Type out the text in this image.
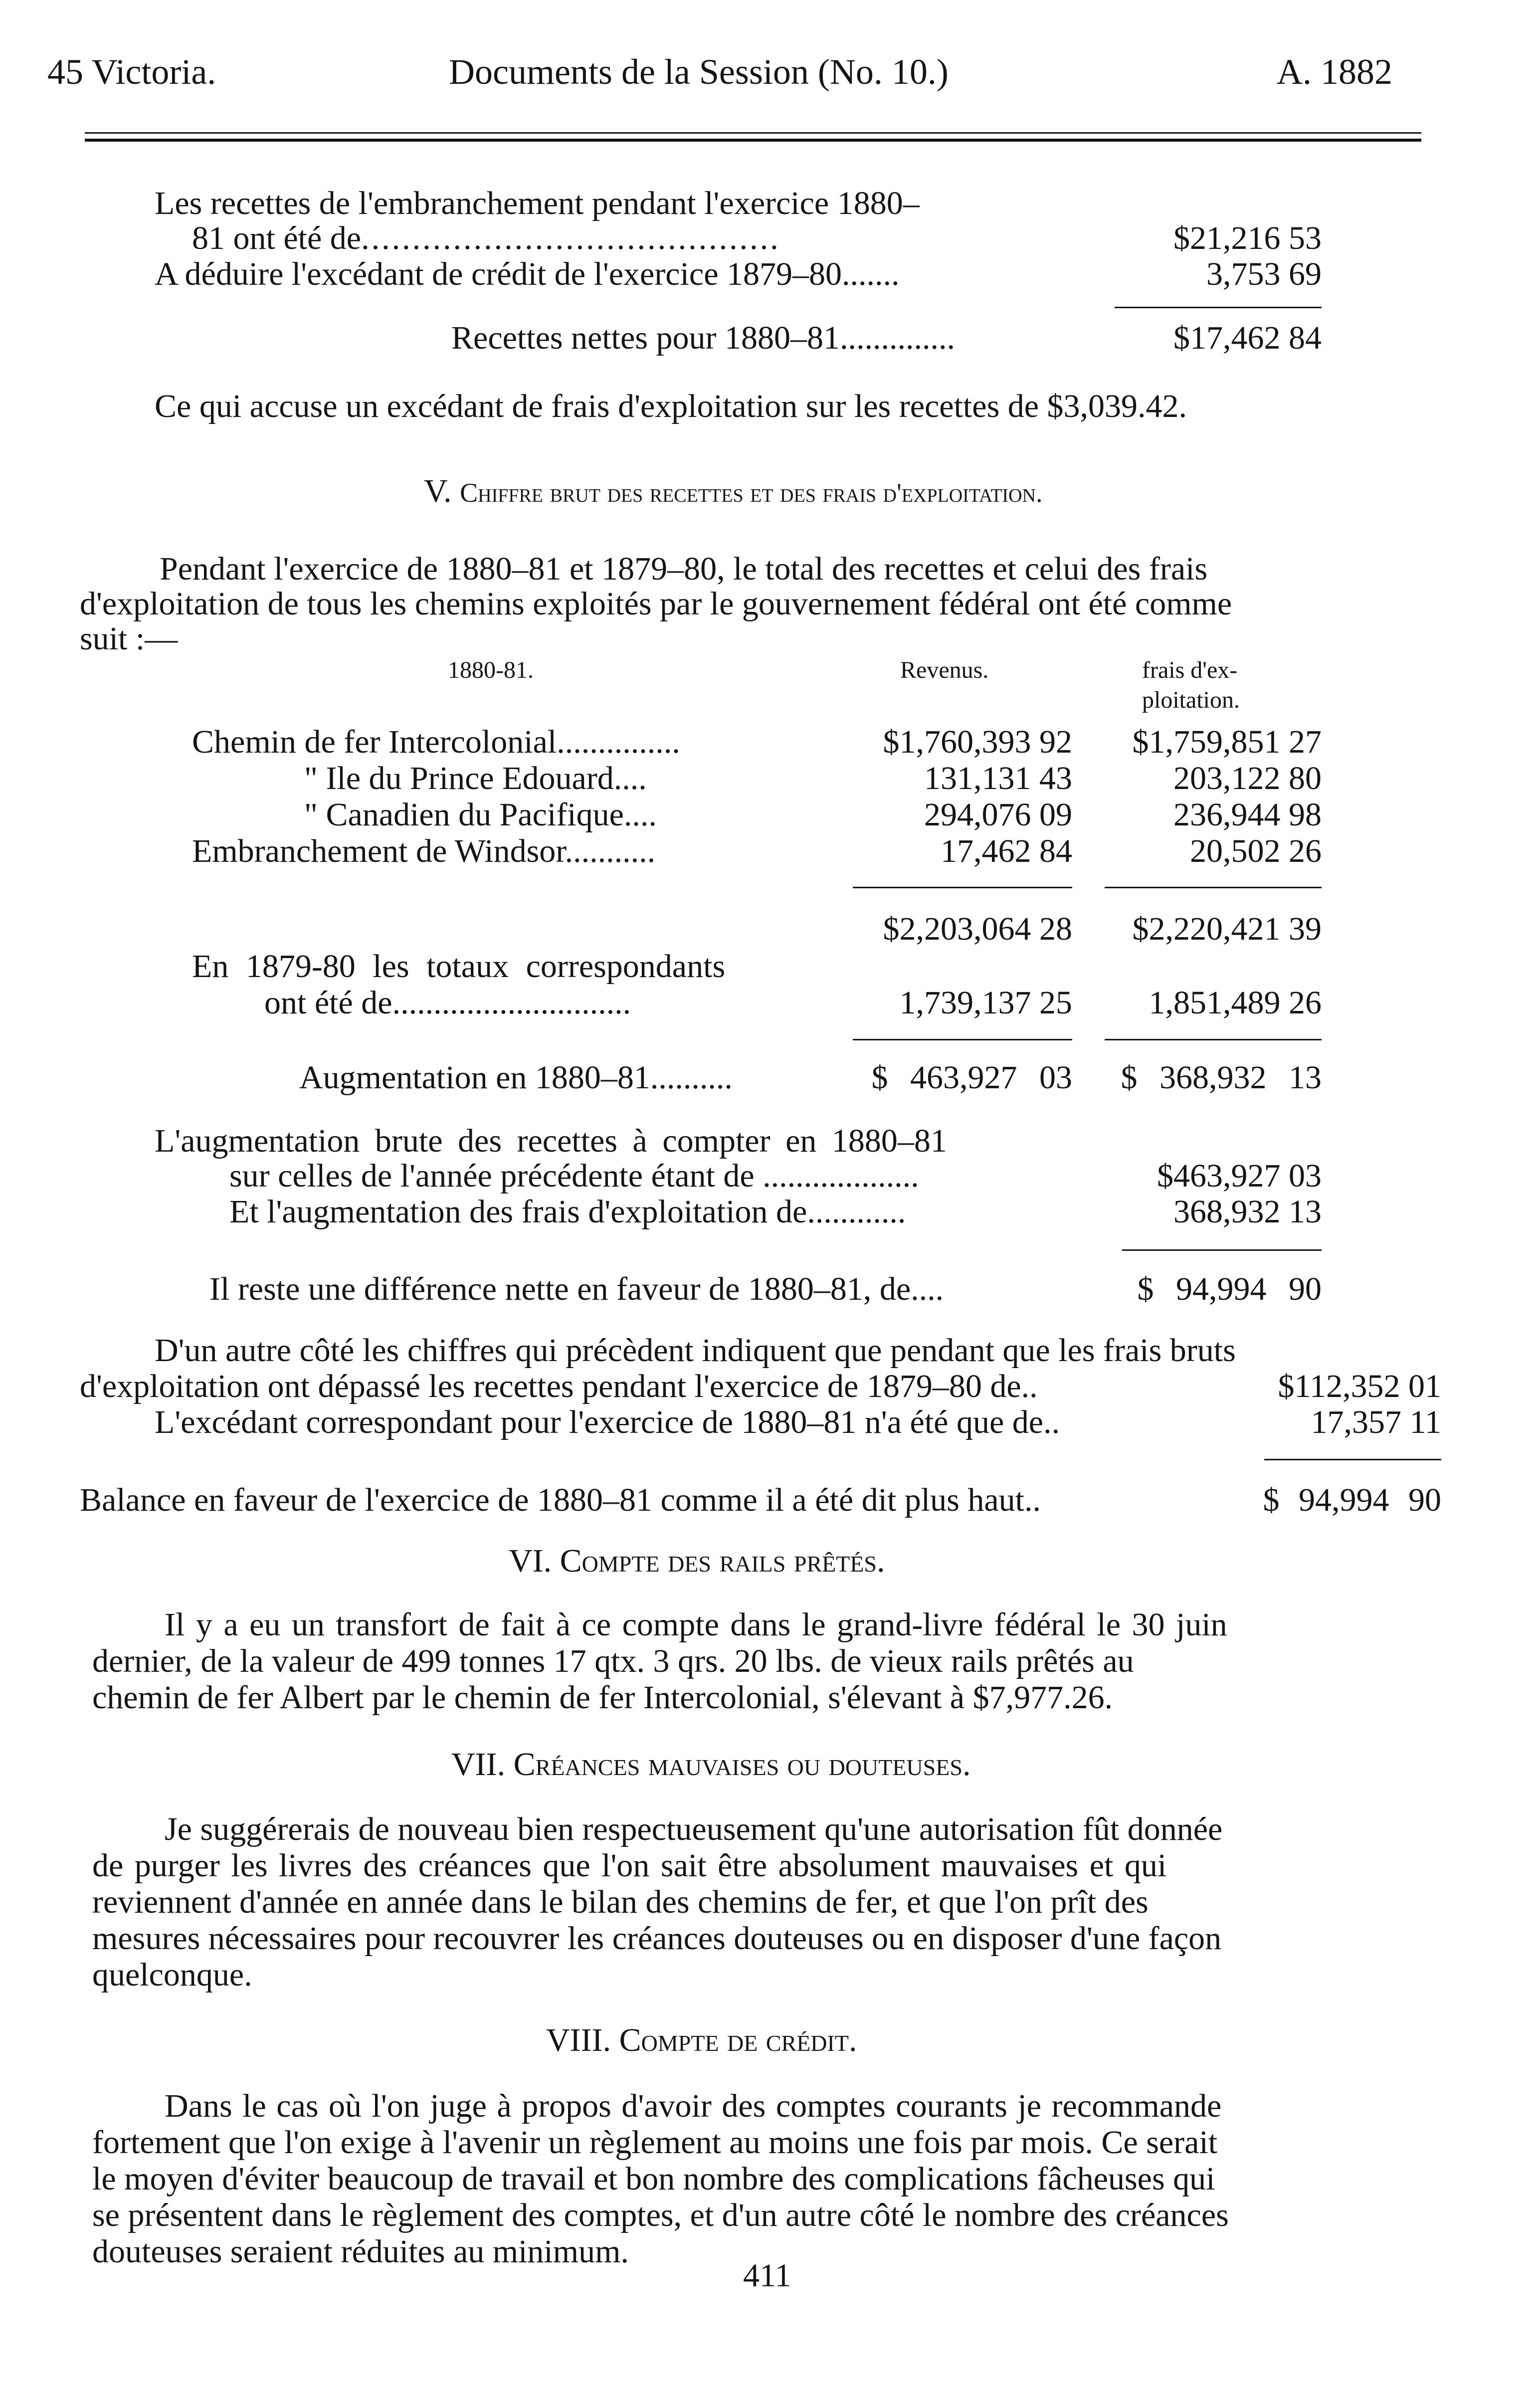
45 Victoria.	Documents de la Session (No. 10.)	A. 1882
Les recettes de l'embranchement pendant l'exercice 1880–
81 ont été de.........................................	$21,216 53
A déduire l'excédant de crédit de l'exercice 1879–80.......	3,753 69
Recettes nettes pour 1880–81..............	$17,462 84
Ce qui accuse un excédant de frais d'exploitation sur les recettes de $3,039.42.
V. Chiffre brut des recettes et des frais d'exploitation.
Pendant l'exercice de 1880–81 et 1879–80, le total des recettes et celui des frais
d'exploitation de tous les chemins exploités par le gouvernement fédéral ont été comme
suit :—
1880-81.	Revenus.	frais d'ex-
ploitation.
Chemin de fer Intercolonial...............	$1,760,393 92	$1,759,851 27
" Ile du Prince Edouard....	131,131 43	203,122 80
" Canadien du Pacifique....	294,076 09	236,944 98
Embranchement de Windsor...........	17,462 84	20,502 26
$2,203,064 28	$2,220,421 39
En 1879-80 les totaux correspondants
ont été de.............................	1,739,137 25	1,851,489 26
Augmentation en 1880–81..........	$ 463,927 03	$ 368,932 13
L'augmentation brute des recettes à compter en 1880–81
sur celles de l'année précédente étant de ...................	$463,927 03
Et l'augmentation des frais d'exploitation de............	368,932 13
Il reste une différence nette en faveur de 1880–81, de....	$ 94,994 90
D'un autre côté les chiffres qui précèdent indiquent que pendant que les frais bruts
d'exploitation ont dépassé les recettes pendant l'exercice de 1879–80 de..	$112,352 01
L'excédant correspondant pour l'exercice de 1880–81 n'a été que de..	17,357 11
Balance en faveur de l'exercice de 1880–81 comme il a été dit plus haut..	$ 94,994 90
VI. Compte des rails prêtés.
Il y a eu un transfort de fait à ce compte dans le grand-livre fédéral le 30 juin
dernier, de la valeur de 499 tonnes 17 qtx. 3 qrs. 20 lbs. de vieux rails prêtés au
chemin de fer Albert par le chemin de fer Intercolonial, s'élevant à $7,977.26.
VII. Créances mauvaises ou douteuses.
Je suggérerais de nouveau bien respectueusement qu'une autorisation fût donnée
de purger les livres des créances que l'on sait être absolument mauvaises et qui
reviennent d'année en année dans le bilan des chemins de fer, et que l'on prît des
mesures nécessaires pour recouvrer les créances douteuses ou en disposer d'une façon
quelconque.
VIII. Compte de crédit.
Dans le cas où l'on juge à propos d'avoir des comptes courants je recommande
fortement que l'on exige à l'avenir un règlement au moins une fois par mois. Ce serait
le moyen d'éviter beaucoup de travail et bon nombre des complications fâcheuses qui
se présentent dans le règlement des comptes, et d'un autre côté le nombre des créances
douteuses seraient réduites au minimum.
411
